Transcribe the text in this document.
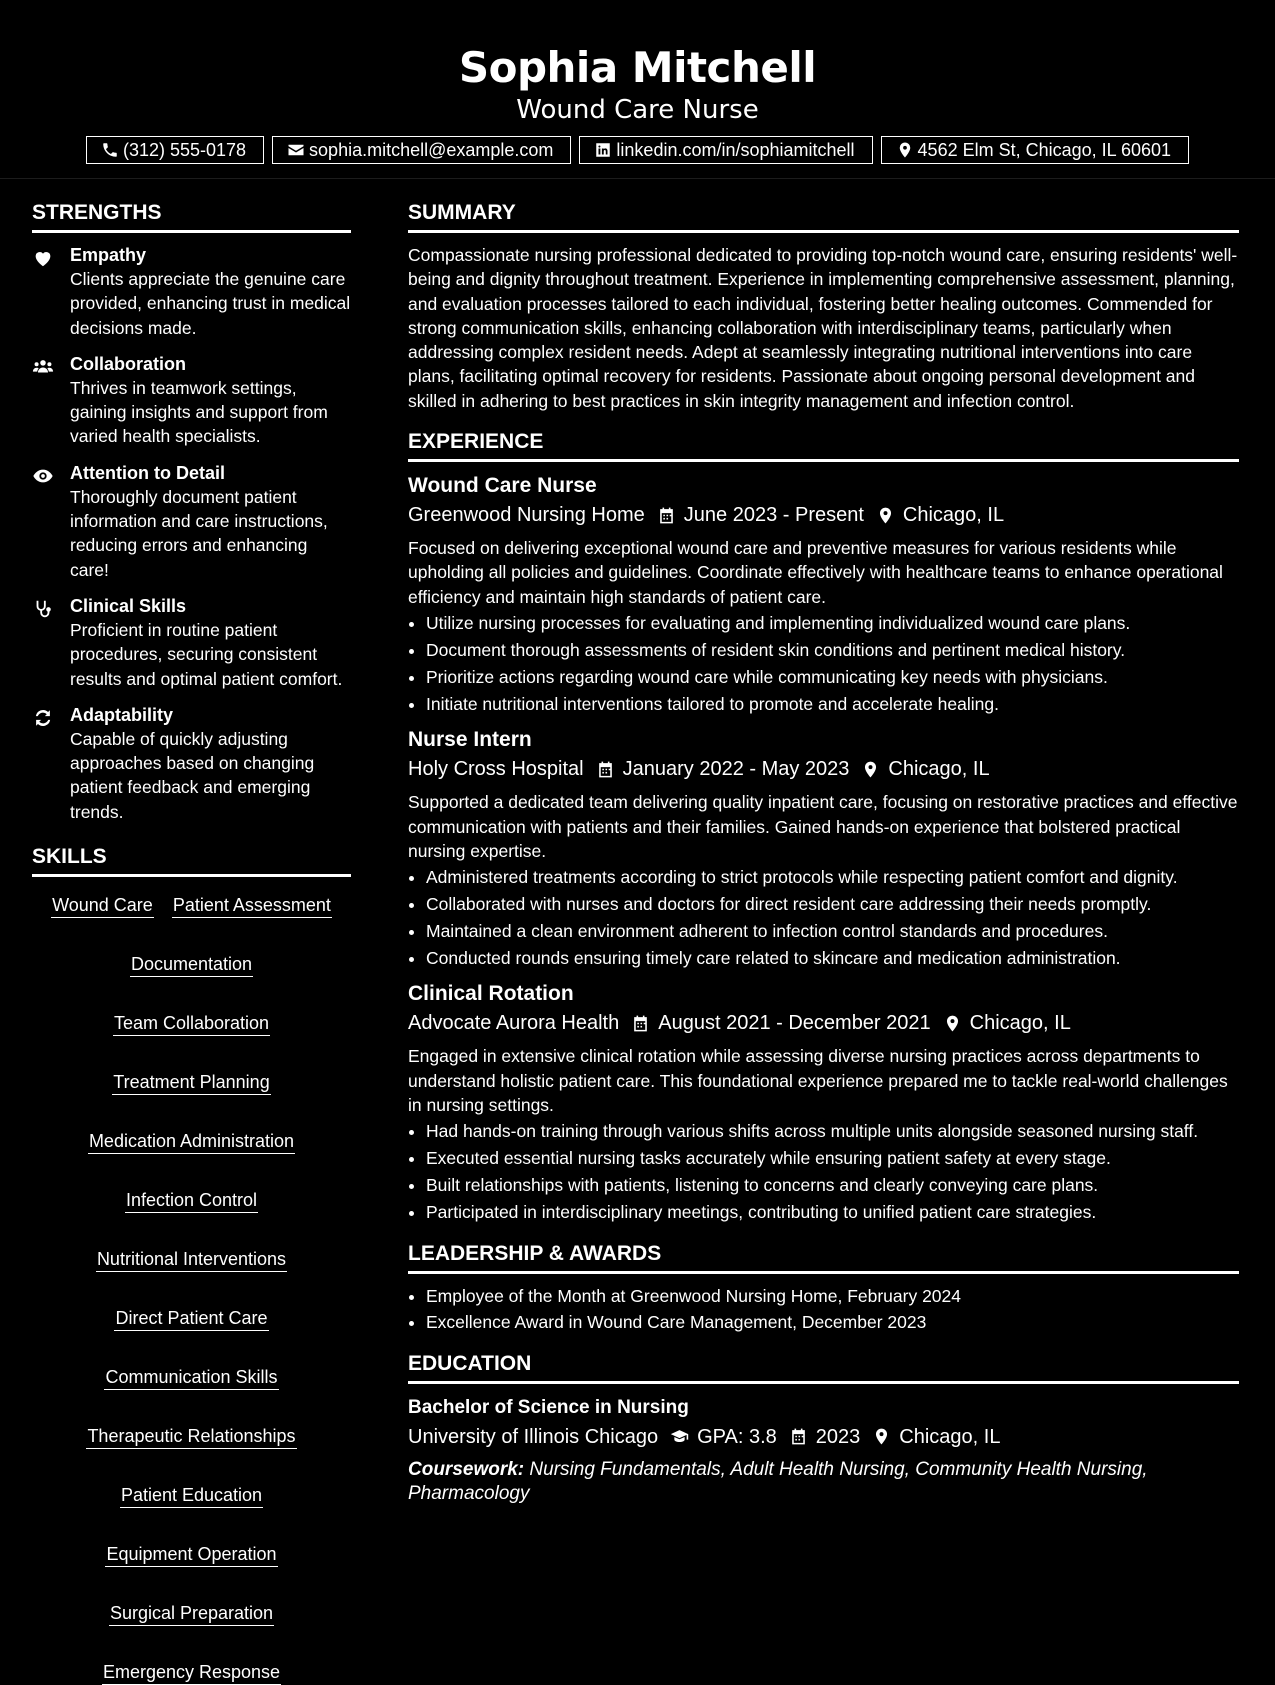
Sophia Mitchell
Wound Care Nurse
(312) 555-0178	sophia.mitchell@example.com	linkedin.com/in/sophiamitchell	4562 Elm St, Chicago, IL 60601
STRENGTHS
Empathy
Clients appreciate the genuine care provided, enhancing trust in medical decisions made.
Collaboration
Thrives in teamwork settings, gaining insights and support from varied health specialists.
Attention to Detail
Thoroughly document patient information and care instructions, reducing errors and enhancing care!
Clinical Skills
Proficient in routine patient procedures, securing consistent results and optimal patient comfort.
Adaptability
Capable of quickly adjusting approaches based on changing patient feedback and emerging trends.
SKILLS
Wound Care Patient Assessment
Documentation
Team Collaboration
Treatment Planning
Medication Administration
Infection Control
Nutritional Interventions
Direct Patient Care
Communication Skills
Therapeutic Relationships
Patient Education
Equipment Operation
Surgical Preparation
Emergency Response
SUMMARY

Compassionate nursing professional dedicated to providing top-notch wound care, ensuring residents' well-being and dignity throughout treatment. Experience in implementing comprehensive assessment, planning, and evaluation processes tailored to each individual, fostering better healing outcomes. Commended for strong communication skills, enhancing collaboration with interdisciplinary teams, particularly when addressing complex resident needs. Adept at seamlessly integrating nutritional interventions into care plans, facilitating optimal recovery for residents. Passionate about ongoing personal development and skilled in adhering to best practices in skin integrity management and infection control.

EXPERIENCE
Wound Care Nurse
Greenwood Nursing Home June 2023 - Present Chicago, IL
Focused on delivering exceptional wound care and preventive measures for various residents while upholding all policies and guidelines. Coordinate effectively with healthcare teams to enhance operational efficiency and maintain high standards of patient care.
• Utilize nursing processes for evaluating and implementing individualized wound care plans.
• Document thorough assessments of resident skin conditions and pertinent medical history.
• Prioritize actions regarding wound care while communicating key needs with physicians.
• Initiate nutritional interventions tailored to promote and accelerate healing.
Nurse Intern
Holy Cross Hospital January 2022 - May 2023 Chicago, IL
Supported a dedicated team delivering quality inpatient care, focusing on restorative practices and effective communication with patients and their families. Gained hands-on experience that bolstered practical nursing expertise.
• Administered treatments according to strict protocols while respecting patient comfort and dignity.
• Collaborated with nurses and doctors for direct resident care addressing their needs promptly.
• Maintained a clean environment adherent to infection control standards and procedures.
• Conducted rounds ensuring timely care related to skincare and medication administration.
Clinical Rotation
Advocate Aurora Health August 2021 - December 2021 Chicago, IL
Engaged in extensive clinical rotation while assessing diverse nursing practices across departments to understand holistic patient care. This foundational experience prepared me to tackle real-world challenges in nursing settings.
• Had hands-on training through various shifts across multiple units alongside seasoned nursing staff.
• Executed essential nursing tasks accurately while ensuring patient safety at every stage.
• Built relationships with patients, listening to concerns and clearly conveying care plans.
• Participated in interdisciplinary meetings, contributing to unified patient care strategies.
LEADERSHIP & AWARDS
• Employee of the Month at Greenwood Nursing Home, February 2024
• Excellence Award in Wound Care Management, December 2023
EDUCATION
Bachelor of Science in Nursing
University of Illinois Chicago GPA: 3.8 2023 Chicago, IL
Coursework: Nursing Fundamentals, Adult Health Nursing, Community Health Nursing, Pharmacology
